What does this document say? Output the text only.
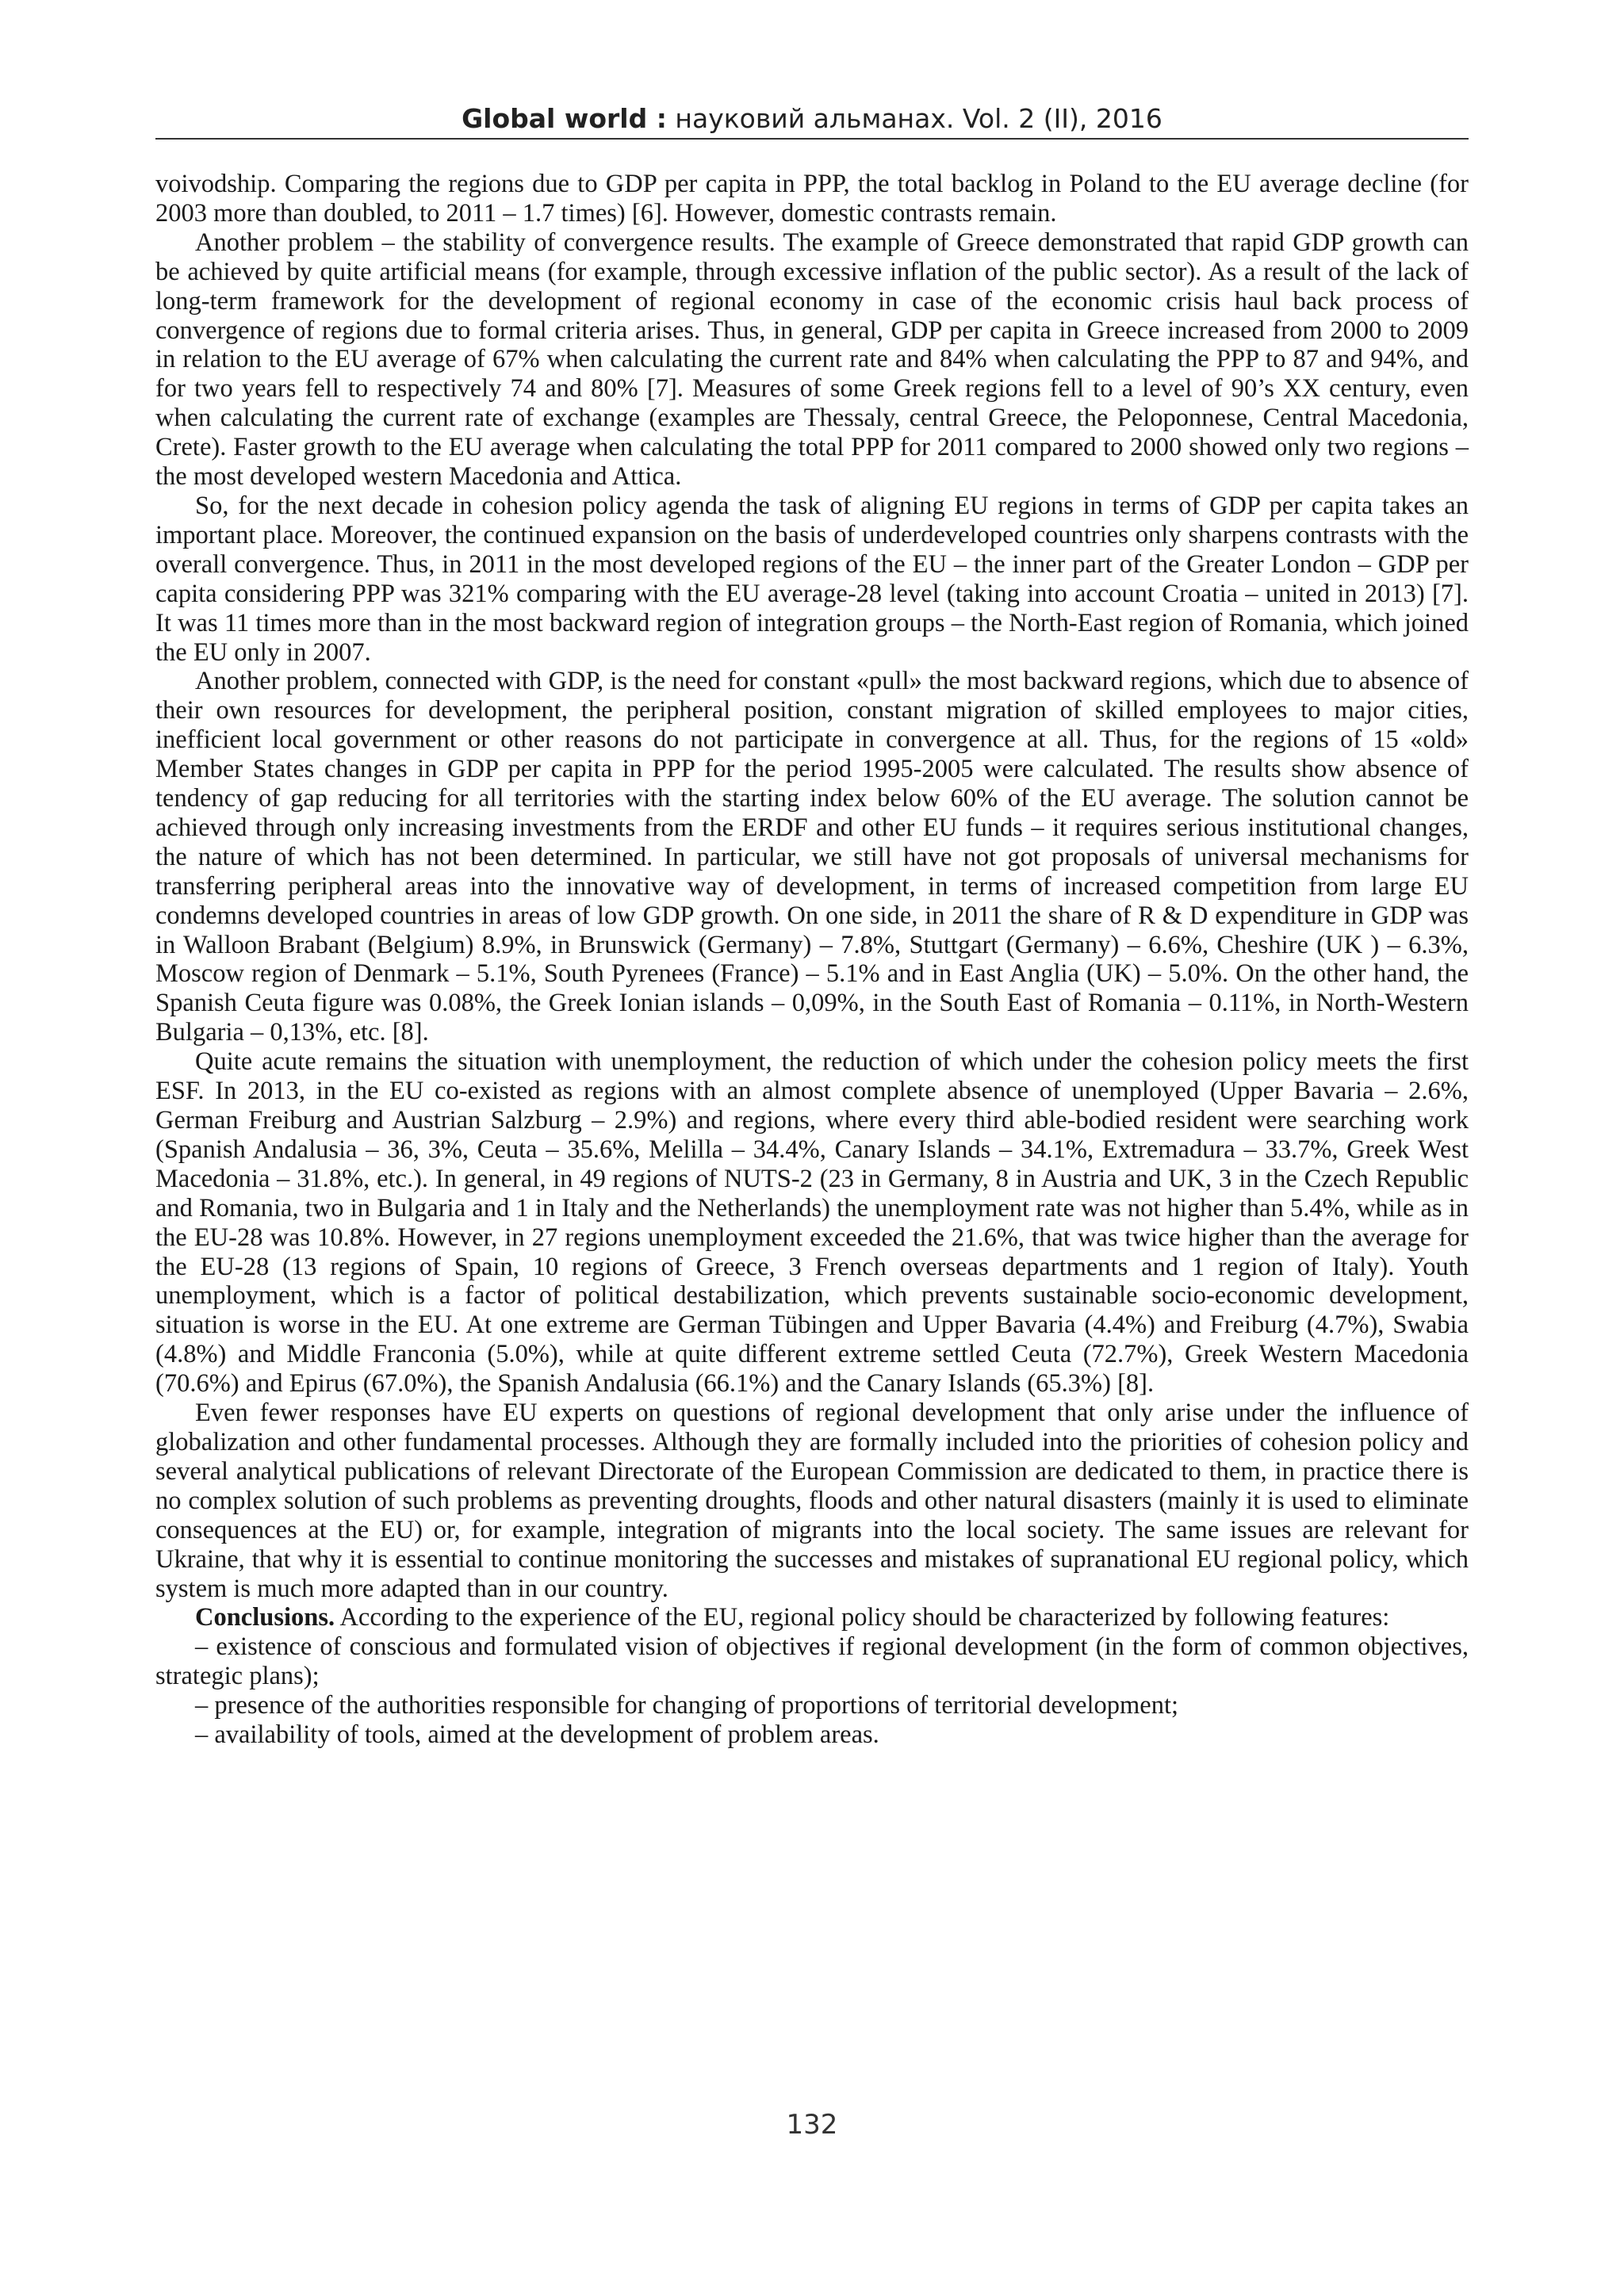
Global world : науковий альманах. Vol. 2 (II), 2016

voivodship. Comparing the regions due to GDP per capita in PPP, the total backlog in Poland to the EU average decline (for 2003 more than doubled, to 2011 – 1.7 times) [6]. However, domestic contrasts remain.

Another problem – the stability of convergence results. The example of Greece demonstrated that rapid GDP growth can be achieved by quite artificial means (for example, through excessive inflation of the public sector). As a result of the lack of long-term framework for the development of regional economy in case of the economic crisis haul back process of convergence of regions due to formal criteria arises. Thus, in general, GDP per capita in Greece increased from 2000 to 2009 in relation to the EU average of 67% when calculating the current rate and 84% when calculating the PPP to 87 and 94%, and for two years fell to respectively 74 and 80% [7]. Measures of some Greek regions fell to a level of 90’s XX century, even when calculating the current rate of exchange (examples are Thessaly, central Greece, the Peloponnese, Central Macedonia, Crete). Faster growth to the EU average when calculating the total PPP for 2011 compared to 2000 showed only two regions – the most developed western Macedonia and Attica.

So, for the next decade in cohesion policy agenda the task of aligning EU regions in terms of GDP per capita takes an important place. Moreover, the continued expansion on the basis of underdeveloped countries only sharpens contrasts with the overall convergence. Thus, in 2011 in the most developed regions of the EU – the inner part of the Greater London – GDP per capita considering PPP was 321% comparing with the EU average-28 level (taking into account Croatia – united in 2013) [7]. It was 11 times more than in the most backward region of integration groups – the North-East region of Romania, which joined the EU only in 2007.

Another problem, connected with GDP, is the need for constant «pull» the most backward regions, which due to absence of their own resources for development, the peripheral position, constant migration of skilled employees to major cities, inefficient local government or other reasons do not participate in convergence at all. Thus, for the regions of 15 «old» Member States changes in GDP per capita in PPP for the period 1995-2005 were calculated. The results show absence of tendency of gap reducing for all territories with the starting index below 60% of the EU average. The solution cannot be achieved through only increasing investments from the ERDF and other EU funds – it requires serious institutional changes, the nature of which has not been determined. In particular, we still have not got proposals of universal mechanisms for transferring peripheral areas into the innovative way of development, in terms of increased competition from large EU condemns developed countries in areas of low GDP growth. On one side, in 2011 the share of R & D expenditure in GDP was in Walloon Brabant (Belgium) 8.9%, in Brunswick (Germany) – 7.8%, Stuttgart (Germany) – 6.6%, Cheshire (UK ) – 6.3%, Moscow region of Denmark – 5.1%, South Pyrenees (France) – 5.1% and in East Anglia (UK) – 5.0%. On the other hand, the Spanish Ceuta figure was 0.08%, the Greek Ionian islands – 0,09%, in the South East of Romania – 0.11%, in North-Western Bulgaria – 0,13%, etc. [8].

Quite acute remains the situation with unemployment, the reduction of which under the cohesion policy meets the first ESF. In 2013, in the EU co-existed as regions with an almost complete absence of unemployed (Upper Bavaria – 2.6%, German Freiburg and Austrian Salzburg – 2.9%) and regions, where every third able-bodied resident were searching work (Spanish Andalusia – 36, 3%, Ceuta – 35.6%, Melilla – 34.4%, Canary Islands – 34.1%, Extremadura – 33.7%, Greek West Macedonia – 31.8%, etc.). In general, in 49 regions of NUTS-2 (23 in Germany, 8 in Austria and UK, 3 in the Czech Republic and Romania, two in Bulgaria and 1 in Italy and the Netherlands) the unemployment rate was not higher than 5.4%, while as in the EU-28 was 10.8%. However, in 27 regions unemployment exceeded the 21.6%, that was twice higher than the average for the EU-28 (13 regions of Spain, 10 regions of Greece, 3 French overseas departments and 1 region of Italy). Youth unemployment, which is a factor of political destabilization, which prevents sustainable socio-economic development, situation is worse in the EU. At one extreme are German Tübingen and Upper Bavaria (4.4%) and Freiburg (4.7%), Swabia (4.8%) and Middle Franconia (5.0%), while at quite different extreme settled Ceuta (72.7%), Greek Western Macedonia (70.6%) and Epirus (67.0%), the Spanish Andalusia (66.1%) and the Canary Islands (65.3%) [8].

Even fewer responses have EU experts on questions of regional development that only arise under the influence of globalization and other fundamental processes. Although they are formally included into the priorities of cohesion policy and several analytical publications of relevant Directorate of the European Commission are dedicated to them, in practice there is no complex solution of such problems as preventing droughts, floods and other natural disasters (mainly it is used to eliminate consequences at the EU) or, for example, integration of migrants into the local society. The same issues are relevant for Ukraine, that why it is essential to continue monitoring the successes and mistakes of supranational EU regional policy, which system is much more adapted than in our country.

Conclusions. According to the experience of the EU, regional policy should be characterized by following features:

– existence of conscious and formulated vision of objectives if regional development (in the form of common objectives, strategic plans);

– presence of the authorities responsible for changing of proportions of territorial development;

– availability of tools, aimed at the development of problem areas.

132
